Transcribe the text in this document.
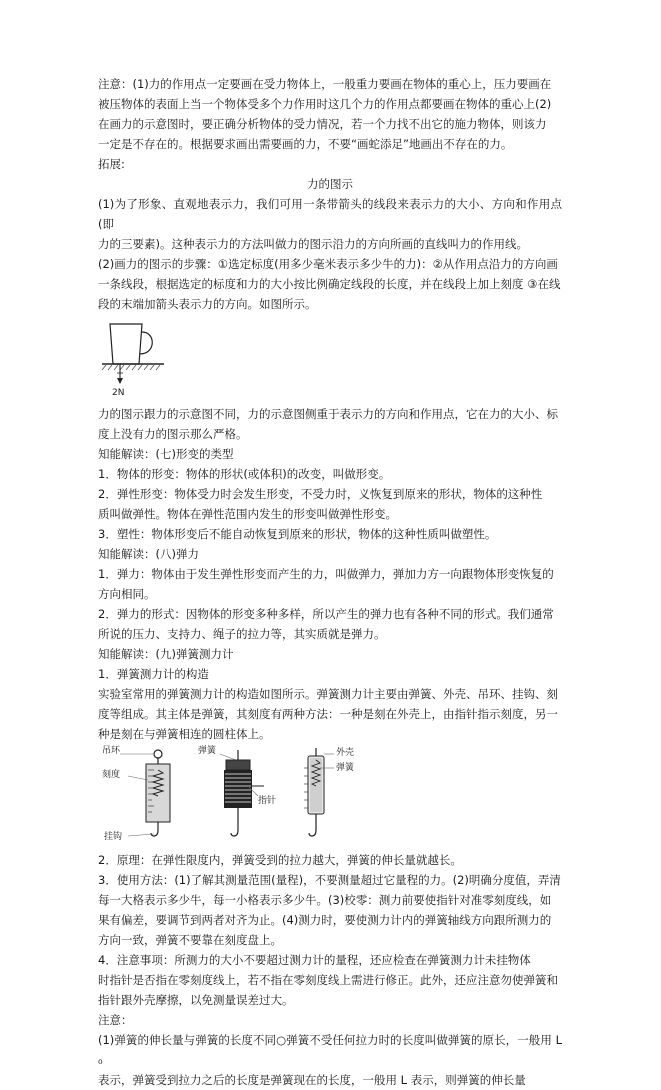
注意：(1)力的作用点一定要画在受力物体上，一般重力要画在物体的重心上，压力要画在

被压物体的表面上当一个物体受多个力作用时这几个力的作用点都要画在物体的重心上(2)

在画力的示意图时，要正确分析物体的受力情况，若一个力找不出它的施力物体，则该力

一定是不存在的。根据要求画出需要画的力，不要“画蛇添足”地画出不存在的力。

拓展:

力的图示

(1)为了形象、直观地表示力，我们可用一条带箭头的线段来表示力的大小、方向和作用点(即

力的三要素)。这种表示力的方法叫做力的图示沿力的方向所画的直线叫力的作用线。

(2)画力的图示的步骤：①选定标度(用多少毫米表示多少牛的力)：②从作用点沿力的方向画

一条线段，根据选定的标度和力的大小按比例确定线段的长度，并在线段上加上刻度 ③在线

段的末端加箭头表示力的方向。如图所示。

2N

力的图示跟力的示意图不同，力的示意图侧重于表示力的方向和作用点，它在力的大小、标

度上没有力的图示那么严格。

知能解读：(七)形变的类型

1．物体的形变：物体的形状(或体积)的改变，叫做形变。

2．弹性形变：物体受力时会发生形变，不受力时，义恢复到原来的形状，物体的这种性

质叫做弹性。物体在弹性范围内发生的形变叫做弹性形变。

3．塑性：物体形变后不能自动恢复到原来的形状，物体的这种性质叫做塑性。

知能解读：(八)弹力

1．弹力：物体由于发生弹性形变而产生的力，叫做弹力，弹加力方一向跟物体形变恢复的

方向相同。

2．弹力的形式：因物体的形变多种多样，所以产生的弹力也有各种不同的形式。我们通常

所说的压力、支持力、绳子的拉力等，其实质就是弹力。

知能解读：(九)弹簧测力计

1．弹簧测力计的构造

实验室常用的弹簧测力计的构造如图所示。弹簧测力计主要由弹簧、外壳、吊环、挂钩、刻

度等组成。其主体是弹簧，其刻度有两种方法：一种是刻在外壳上，由指针指示刻度，另一

种是刻在与弹簧相连的圆柱体上。

吊环
刻度
挂钩
弹簧
指针
外壳
弹簧

2．原理：在弹性限度内，弹簧受到的拉力越大，弹簧的伸长量就越长。

3．使用方法：(1)了解其测量范围(量程)，不要测量超过它量程的力。(2)明确分度值，弄清

每一大格表示多少牛，每一小格表示多少牛。(3)校零：测力前要使指针对准零刻度线，如

果有偏差，要调节到两者对齐为止。(4)测力时，要使测力计内的弹簧轴线方向跟所测力的

方向一致，弹簧不要靠在刻度盘上。

4．注意事项：所测力的大小不要超过测力计的量程，还应检查在弹簧测力计未挂物体

时指针是否指在零刻度线上，若不指在零刻度线上需进行修正。此外，还应注意勿使弹簧和

指针跟外壳摩擦，以免测量误差过大。

注意：

(1)弹簧的伸长量与弹簧的长度不同○弹簧不受任何拉力时的长度叫做弹簧的原长，一般用 L₀

表示，弹簧受到拉力之后的长度是弹簧现在的长度，一般用 L 表示，则弹簧的伸长量
